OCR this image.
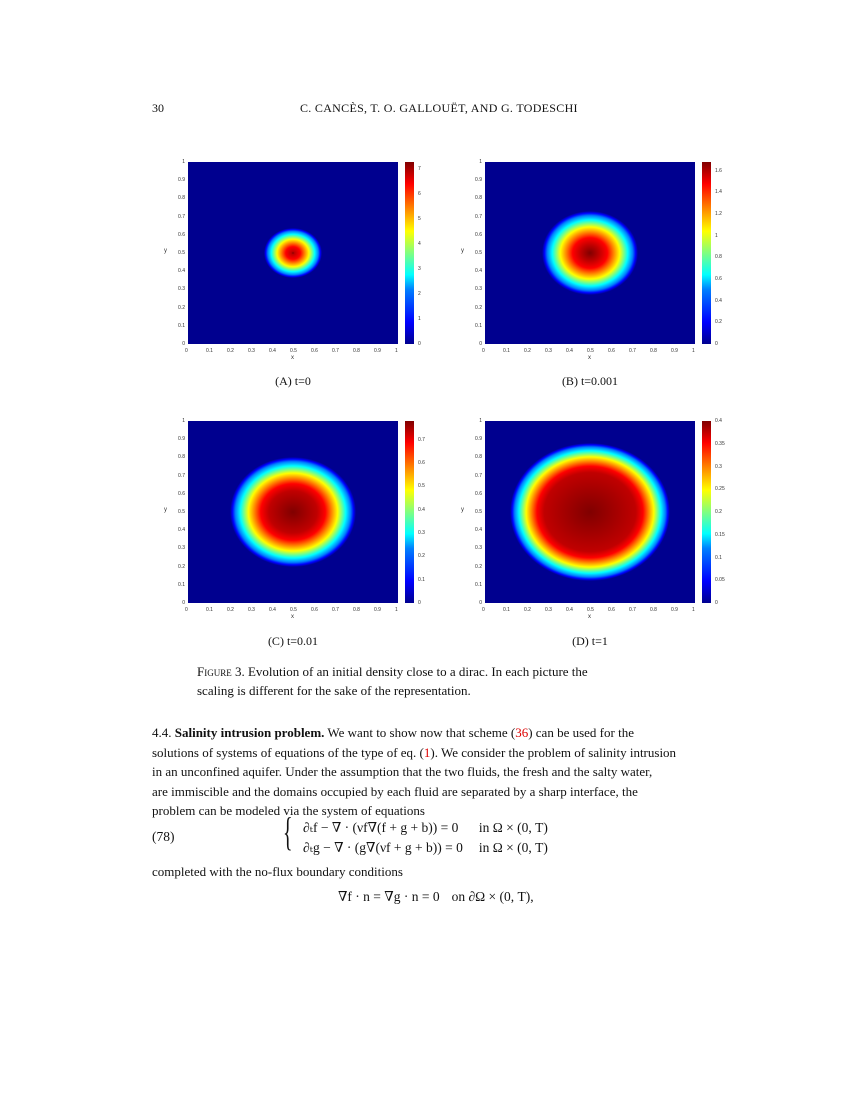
30	C. CANCÈS, T. O. GALLOUËT, AND G. TODESCHI
0
0
0.1
0.1
0.2
0.2
0.3
0.3
0.4
0.4
0.5
0.5
0.6
0.6
0.7
0.7
0.8
0.8
0.9
0.9
1
1
x
y
0
1
2
3
4
5
6
7
(A) t=0
0
0
0.1
0.1
0.2
0.2
0.3
0.3
0.4
0.4
0.5
0.5
0.6
0.6
0.7
0.7
0.8
0.8
0.9
0.9
1
1
x
y
0
0.2
0.4
0.6
0.8
1
1.2
1.4
1.6
(B) t=0.001
0
0
0.1
0.1
0.2
0.2
0.3
0.3
0.4
0.4
0.5
0.5
0.6
0.6
0.7
0.7
0.8
0.8
0.9
0.9
1
1
x
y
0
0.1
0.2
0.3
0.4
0.5
0.6
0.7
(C) t=0.01
0
0
0.1
0.1
0.2
0.2
0.3
0.3
0.4
0.4
0.5
0.5
0.6
0.6
0.7
0.7
0.8
0.8
0.9
0.9
1
1
x
y
0
0.05
0.1
0.15
0.2
0.25
0.3
0.35
0.4
(D) t=1
Figure 3. Evolution of an initial density close to a dirac. In each picture the
scaling is different for the sake of the representation.
4.4. Salinity intrusion problem. We want to show now that scheme (36) can be used for the
solutions of systems of equations of the type of eq. (1). We consider the problem of salinity intrusion
in an unconfined aquifer. Under the assumption that the two fluids, the fresh and the salty water,
are immiscible and the domains occupied by each fluid are separated by a sharp interface, the
problem can be modeled via the system of equations
(78)	{ ∂ₜf − ∇ · (νf∇(f + g + b)) = 0	in Ω × (0, T)
∂ₜg − ∇ · (g∇(νf + g + b)) = 0 in Ω × (0, T)
completed with the no-flux boundary conditions
∇f · n = ∇g · n = 0 on ∂Ω × (0, T),
